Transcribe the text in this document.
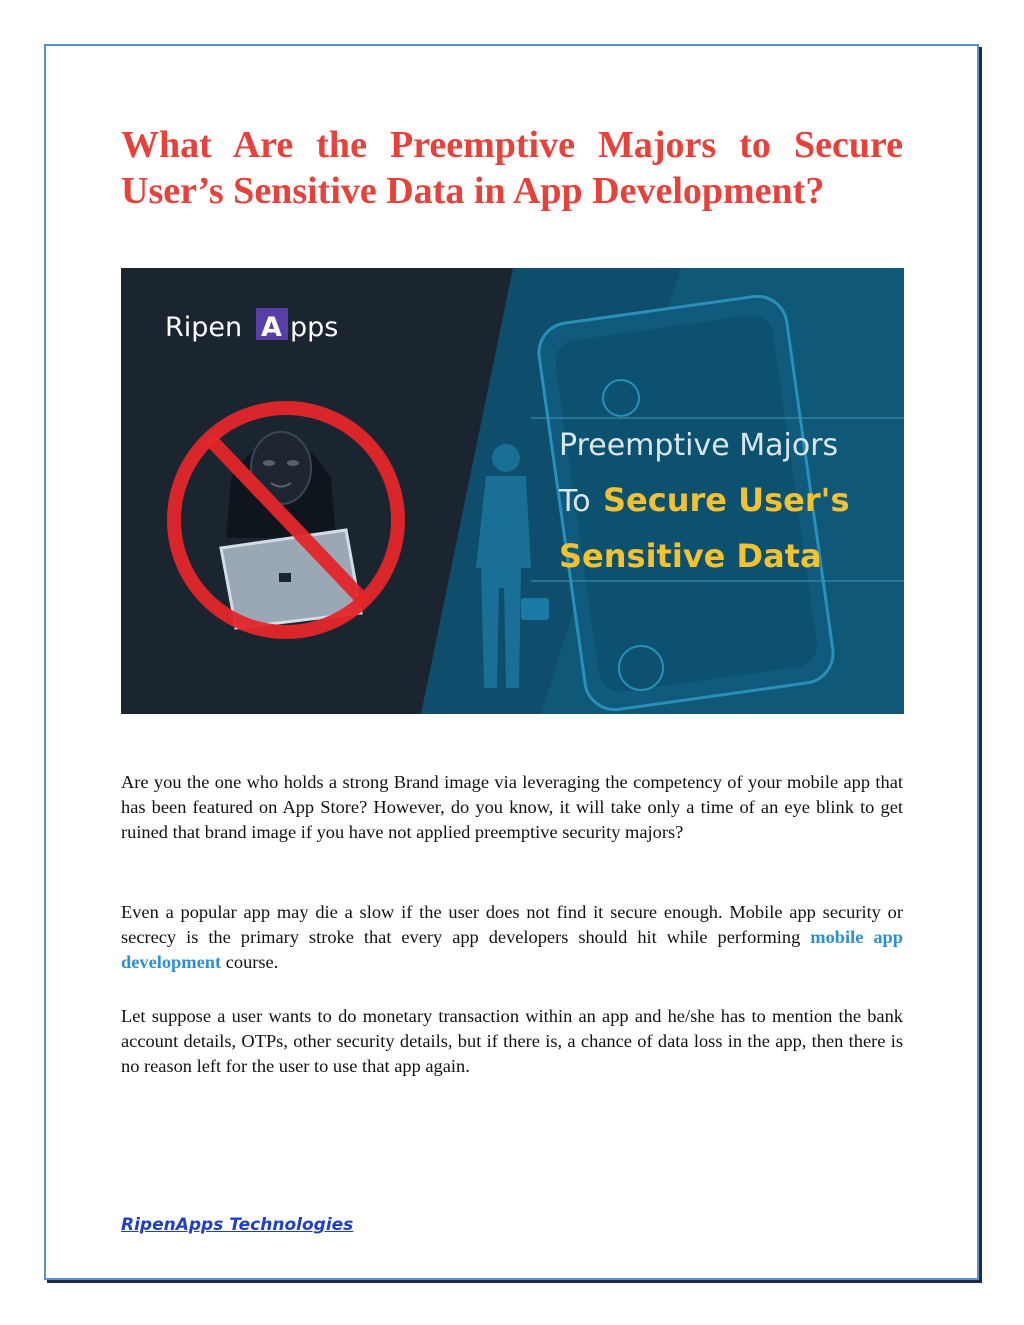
What Are the Preemptive Majors to Secure User’s Sensitive Data in App Development?
Preemptive Majors
To Secure User's
Sensitive Data
Ripen A pps

Are you the one who holds a strong Brand image via leveraging the competency of your mobile app that has been featured on App Store? However, do you know, it will take only a time of an eye blink to get ruined that brand image if you have not applied preemptive security majors?

Even a popular app may die a slow if the user does not find it secure enough. Mobile app security or secrecy is the primary stroke that every app developers should hit while performing mobile app development course.

Let suppose a user wants to do monetary transaction within an app and he/she has to mention the bank account details, OTPs, other security details, but if there is, a chance of data loss in the app, then there is no reason left for the user to use that app again.

RipenApps Technologies
